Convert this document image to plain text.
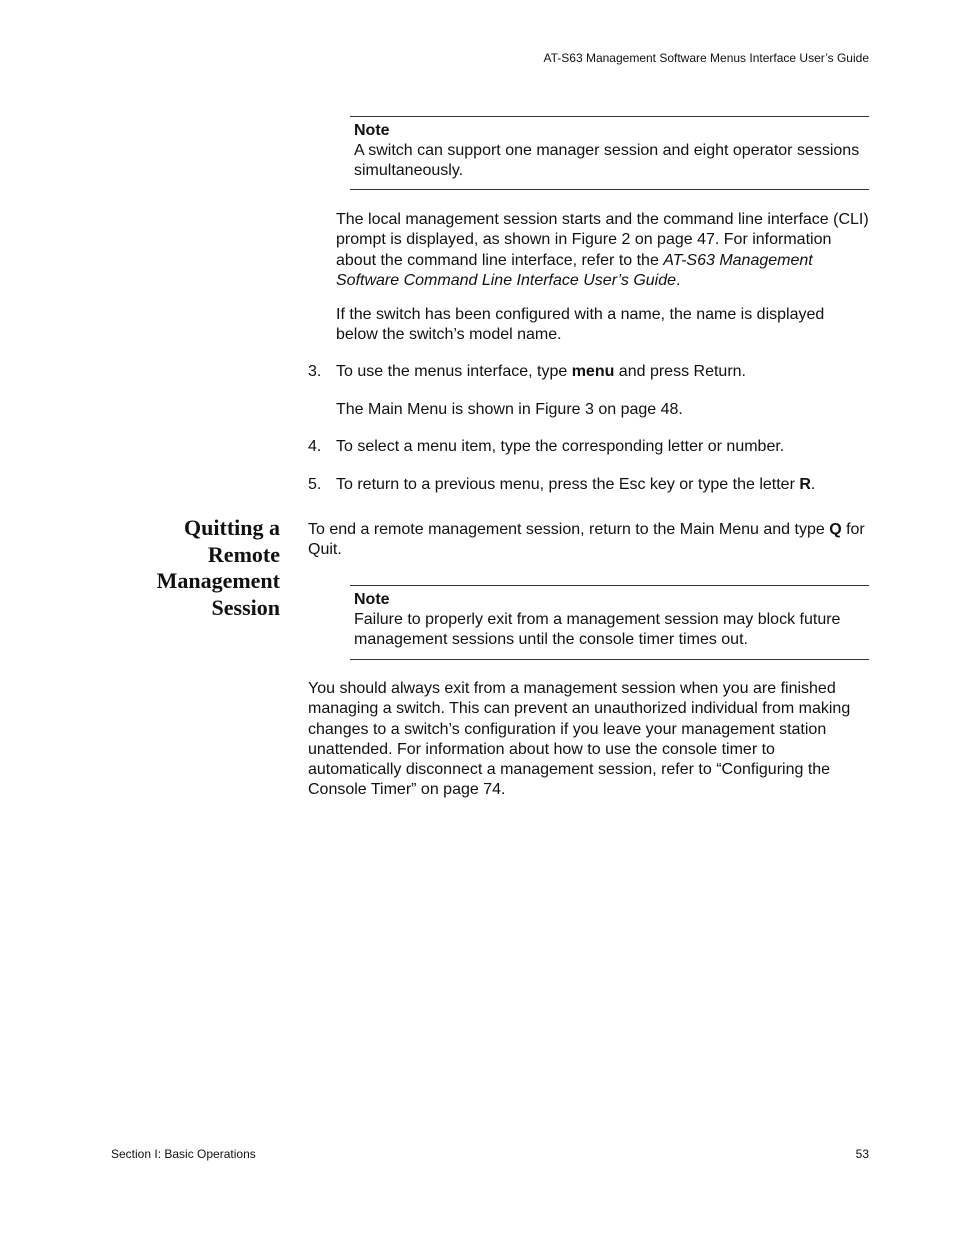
AT-S63 Management Software Menus Interface User’s Guide
Note
A switch can support one manager session and eight operator sessions simultaneously.
The local management session starts and the command line interface (CLI) prompt is displayed, as shown in Figure 2 on page 47. For information about the command line interface, refer to the AT-S63 Management Software Command Line Interface User’s Guide.
If the switch has been configured with a name, the name is displayed below the switch’s model name.
3. To use the menus interface, type menu and press Return.
The Main Menu is shown in Figure 3 on page 48.
4. To select a menu item, type the corresponding letter or number.
5. To return to a previous menu, press the Esc key or type the letter R.
Quitting a
Remote
Management
Session
To end a remote management session, return to the Main Menu and type Q for Quit.
Note
Failure to properly exit from a management session may block future management sessions until the console timer times out.
You should always exit from a management session when you are finished managing a switch. This can prevent an unauthorized individual from making changes to a switch’s configuration if you leave your management station unattended. For information about how to use the console timer to automatically disconnect a management session, refer to “Configuring the Console Timer” on page 74.
Section I: Basic Operations	53
